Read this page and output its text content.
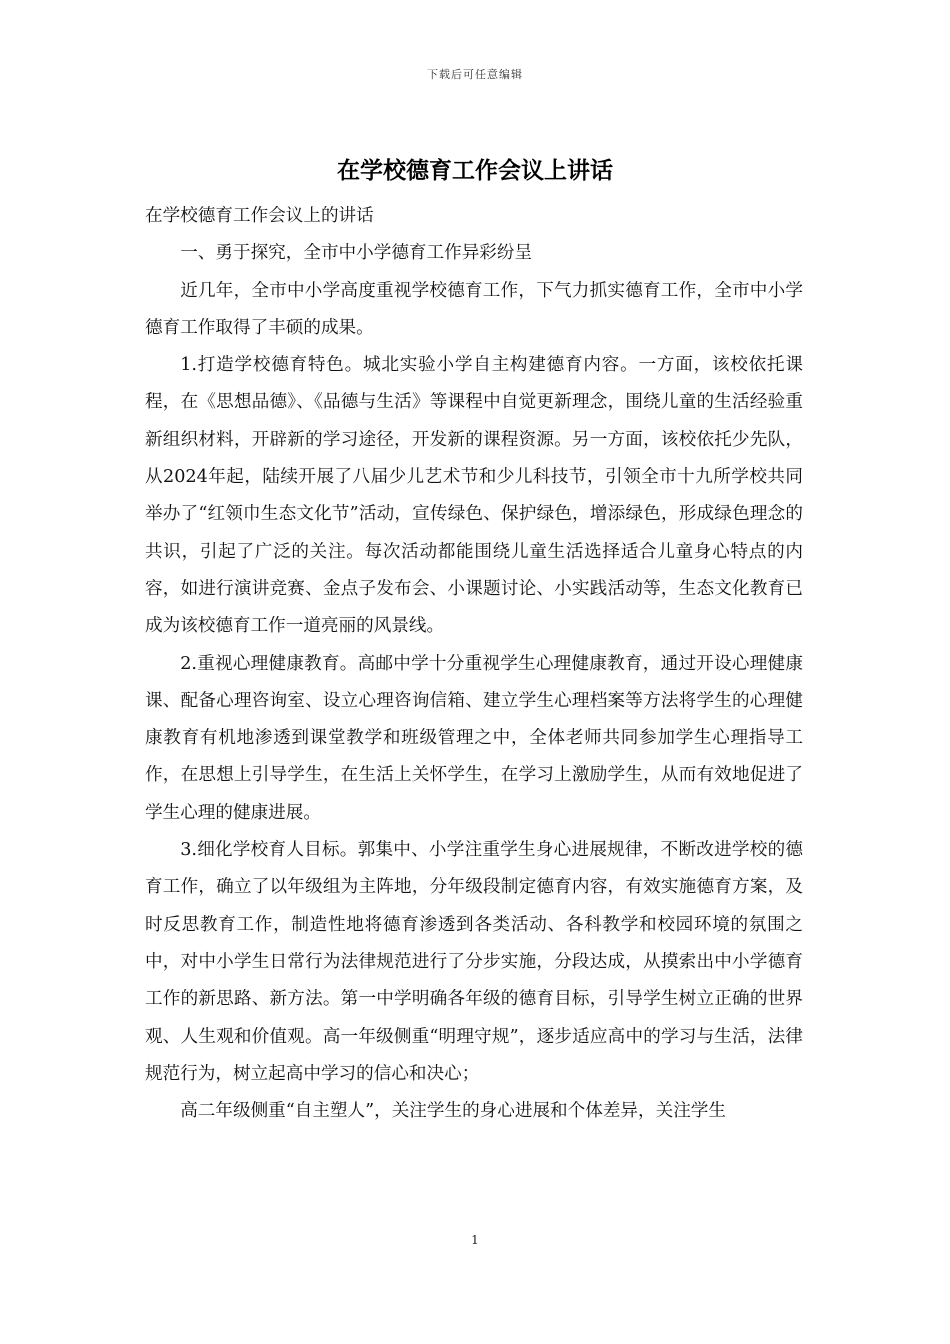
下载后可任意编辑
在学校德育工作会议上讲话

在学校德育工作会议上的讲话

一、勇于探究，全市中小学德育工作异彩纷呈

近几年，全市中小学高度重视学校德育工作，下气力抓实德育工作，全市中小学德育工作取得了丰硕的成果。

1.打造学校德育特色。城北实验小学自主构建德育内容。一方面，该校依托课程，在《思想品德》、《品德与生活》等课程中自觉更新理念，围绕儿童的生活经验重新组织材料，开辟新的学习途径，开发新的课程资源。另一方面，该校依托少先队，从2024年起，陆续开展了八届少儿艺术节和少儿科技节，引领全市十九所学校共同举办了“红领巾生态文化节”活动，宣传绿色、保护绿色，增添绿色，形成绿色理念的共识，引起了广泛的关注。每次活动都能围绕儿童生活选择适合儿童身心特点的内容，如进行演讲竞赛、金点子发布会、小课题讨论、小实践活动等，生态文化教育已成为该校德育工作一道亮丽的风景线。

2.重视心理健康教育。高邮中学十分重视学生心理健康教育，通过开设心理健康课、配备心理咨询室、设立心理咨询信箱、建立学生心理档案等方法将学生的心理健康教育有机地渗透到课堂教学和班级管理之中，全体老师共同参加学生心理指导工作，在思想上引导学生，在生活上关怀学生，在学习上激励学生，从而有效地促进了学生心理的健康进展。

3.细化学校育人目标。郭集中、小学注重学生身心进展规律，不断改进学校的德育工作，确立了以年级组为主阵地，分年级段制定德育内容，有效实施德育方案，及时反思教育工作，制造性地将德育渗透到各类活动、各科教学和校园环境的氛围之中，对中小学生日常行为法律规范进行了分步实施，分段达成，从摸索出中小学德育工作的新思路、新方法。第一中学明确各年级的德育目标，引导学生树立正确的世界观、人生观和价值观。高一年级侧重“明理守规”，逐步适应高中的学习与生活，法律规范行为，树立起高中学习的信心和决心；

高二年级侧重“自主塑人”，关注学生的身心进展和个体差异，关注学生

1
